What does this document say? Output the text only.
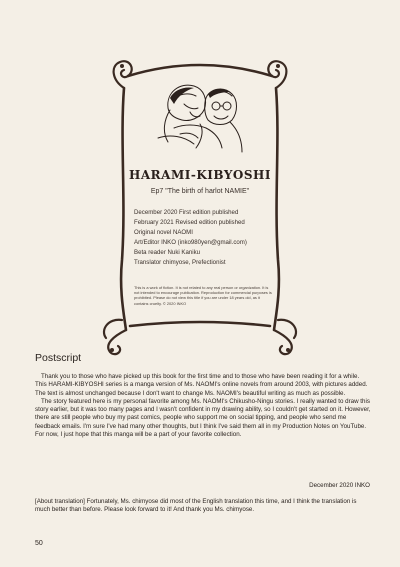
HARAMI-KIBYOSHI
Ep7 "The birth of harlot NAMIE"
December 2020 First edition published
February 2021 Revised edition published
Original novel NAOMI
Art/Editor INKO (inko980yen@gmail.com)
Beta reader Nuki Kaniku
Translator chimyose, Prefectionist
This is a work of fiction. It is not related to any real person or organization. It is not intended to encourage publication. Reproduction for commercial purposes is prohibited. Please do not view this title if you are under 18 years old, as it contains cruelty. © 2020 INKO
Postscript

Thank you to those who have picked up this book for the first time and to those who have been reading it for a while. This HARAMI-KIBYOSHI series is a manga version of Ms. NAOMI's online novels from around 2003, with pictures added. The text is almost unchanged because I don't want to change Ms. NAOMI's beautiful writing as much as possible.

The story featured here is my personal favorite among Ms. NAOMI's Chikusho-Ningu stories. I really wanted to draw this story earlier, but it was too many pages and I wasn't confident in my drawing ability, so I couldn't get started on it. However, there are still people who buy my past comics, people who support me on social tipping, and people who send me feedback emails. I'm sure I've had many other thoughts, but I think I've said them all in my Production Notes on YouTube. For now, I just hope that this manga will be a part of your favorite collection.

December 2020 INKO
[About translation] Fortunately, Ms. chimyose did most of the English translation this time, and I think the translation is much better than before. Please look forward to it! And thank you Ms. chimyose.
50
